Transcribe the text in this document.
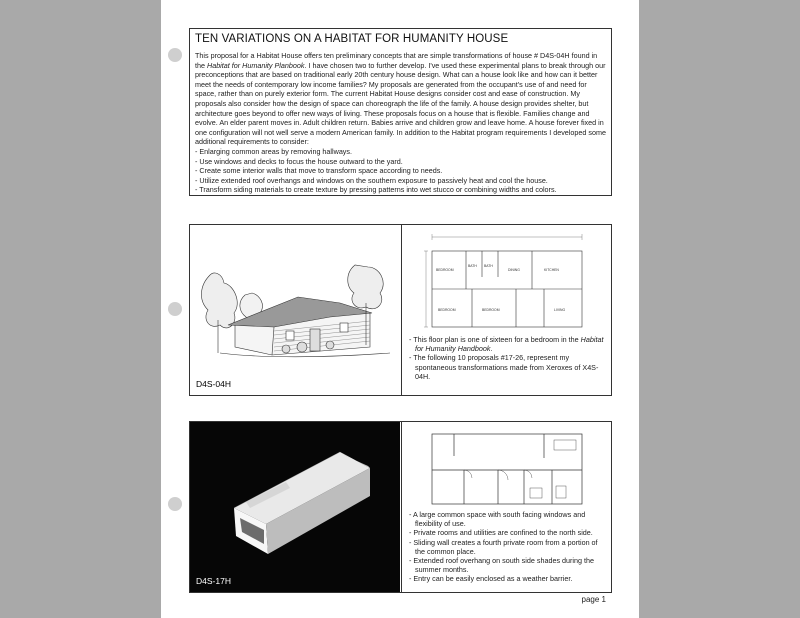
TEN VARIATIONS ON A HABITAT FOR HUMANITY HOUSE

This proposal for a Habitat House offers ten preliminary concepts that are simple transformations of house # D4S-04H found in the Habitat for Humanity Planbook. I have chosen two to further develop. I've used these experimental plans to break through our preconceptions that are based on traditional early 20th century house design. What can a house look like and how can it better meet the needs of contemporary low income families? My proposals are generated from the occupant's use of and need for space, rather than on purely exterior form. The current Habitat House designs consider cost and ease of construction. My proposals also consider how the design of space can choreograph the life of the family. A house design provides shelter, but architecture goes beyond to offer new ways of living. These proposals focus on a house that is flexible. Families change and evolve. An elder parent moves in. Adult children return. Babies arrive and children grow and leave home. A house forever fixed in one configuration will not well serve a modern American family. In addition to the Habitat program requirements I developed some additional requirements to consider:

- Enlarging common areas by removing hallways.
- Use windows and decks to focus the house outward to the yard.
- Create some interior walls that move to transform space according to needs.
- Utilize extended roof overhangs and windows on the southern exposure to passively heat and cool the house.
- Transform siding materials to create texture by pressing patterns into wet stucco or combining widths and colors.
D4S-04H
BEDROOM
BATH BATH
DINING	KITCHEN
BEDROOM	BEDROOM	LIVING
- This floor plan is one of sixteen for a bedroom in the Habitat for Humanity Handbook.
- The following 10 proposals #17-26, represent my spontaneous transformations made from Xeroxes of X4S-04H.
D4S-17H
- A large common space with south facing windows and flexibility of use.
- Private rooms and utilities are confined to the north side.
- Sliding wall creates a fourth private room from a portion of the common place.
- Extended roof overhang on south side shades during the summer months.
- Entry can be easily enclosed as a weather barrier.
page 1
